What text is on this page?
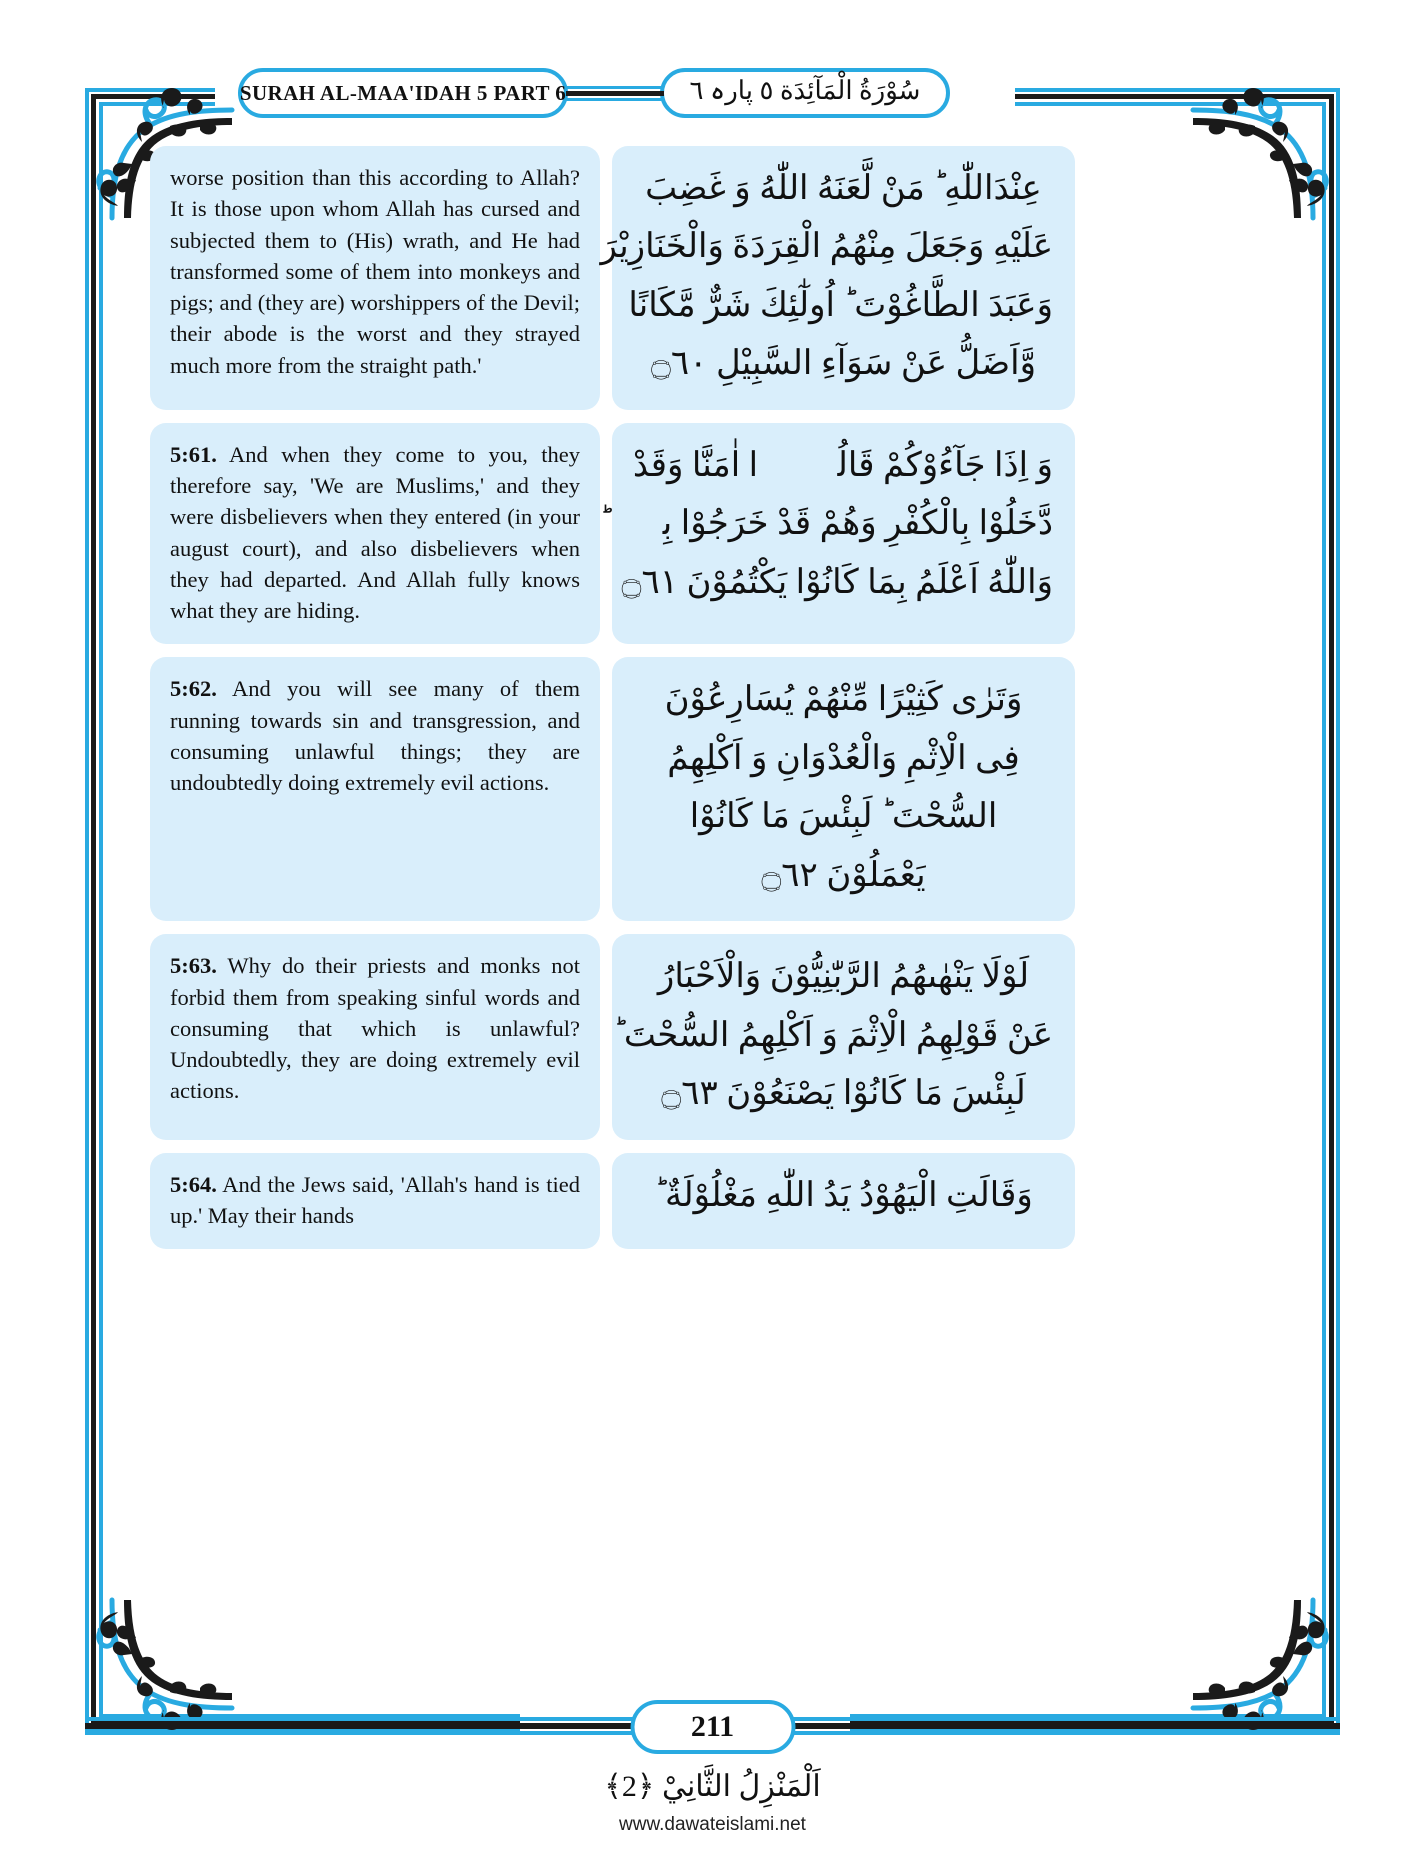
SURAH AL-MAA'IDAH 5 PART 6	سُوْرَةُ الْمَآئِدَة ٥ پارہ ٦
worse position than this according to Allah? It is those upon whom Allah has cursed and subjected them to (His) wrath, and He had transformed some of them into monkeys and pigs; and (they are) worshippers of the Devil; their abode is the worst and they strayed much more from the straight path.'
عِنْدَاللّٰهِ ؕ مَنْ لَّعَنَهُ اللّٰهُ وَ غَضِبَ
عَلَيْهِ وَجَعَلَ مِنْهُمُ الْقِرَدَةَ وَالْخَنَازِيْرَ
وَعَبَدَ الطَّاغُوْتَ ؕ اُولٰٓئِكَ شَرٌّ مَّكَانًا
وَّاَضَلُّ عَنْ سَوَآءِ السَّبِيْلِ ۝٦٠
5:61. And when they come to you, they therefore say, 'We are Muslims,' and they were disbelievers when they entered (in your august court), and also disbelievers when they had departed. And Allah fully knows what they are hiding.
وَ اِذَا جَآءُوْكُمْ قَالُوْۤا اٰمَنَّا وَقَدْ
دَّخَلُوْا بِالْكُفْرِ وَهُمْ قَدْ خَرَجُوْا بِهٖ ؕ
وَاللّٰهُ اَعْلَمُ بِمَا كَانُوْا يَكْتُمُوْنَ ۝٦١
5:62. And you will see many of them running towards sin and transgression, and consuming unlawful things; they are undoubtedly doing extremely evil actions.
وَتَرٰى كَثِيْرًا مِّنْهُمْ يُسَارِعُوْنَ
فِى الْاِثْمِ وَالْعُدْوَانِ وَ اَكْلِهِمُ
السُّحْتَ ؕ لَبِئْسَ مَا كَانُوْا
يَعْمَلُوْنَ ۝٦٢
5:63. Why do their priests and monks not forbid them from speaking sinful words and consuming that which is unlawful? Undoubtedly, they are doing extremely evil actions.
لَوْلَا يَنْهٰىهُمُ الرَّبّٰنِيُّوْنَ وَالْاَحْبَارُ
عَنْ قَوْلِهِمُ الْاِثْمَ وَ اَكْلِهِمُ السُّحْتَ ؕ
لَبِئْسَ مَا كَانُوْا يَصْنَعُوْنَ ۝٦٣
5:64. And the Jews said, 'Allah's hand is tied up.' May their hands
وَقَالَتِ الْيَهُوْدُ يَدُ اللّٰهِ مَغْلُوْلَةٌ ؕ
211
اَلْمَنْزِلُ الثَّانِيْ ﴿2﴾
www.dawateislami.net
